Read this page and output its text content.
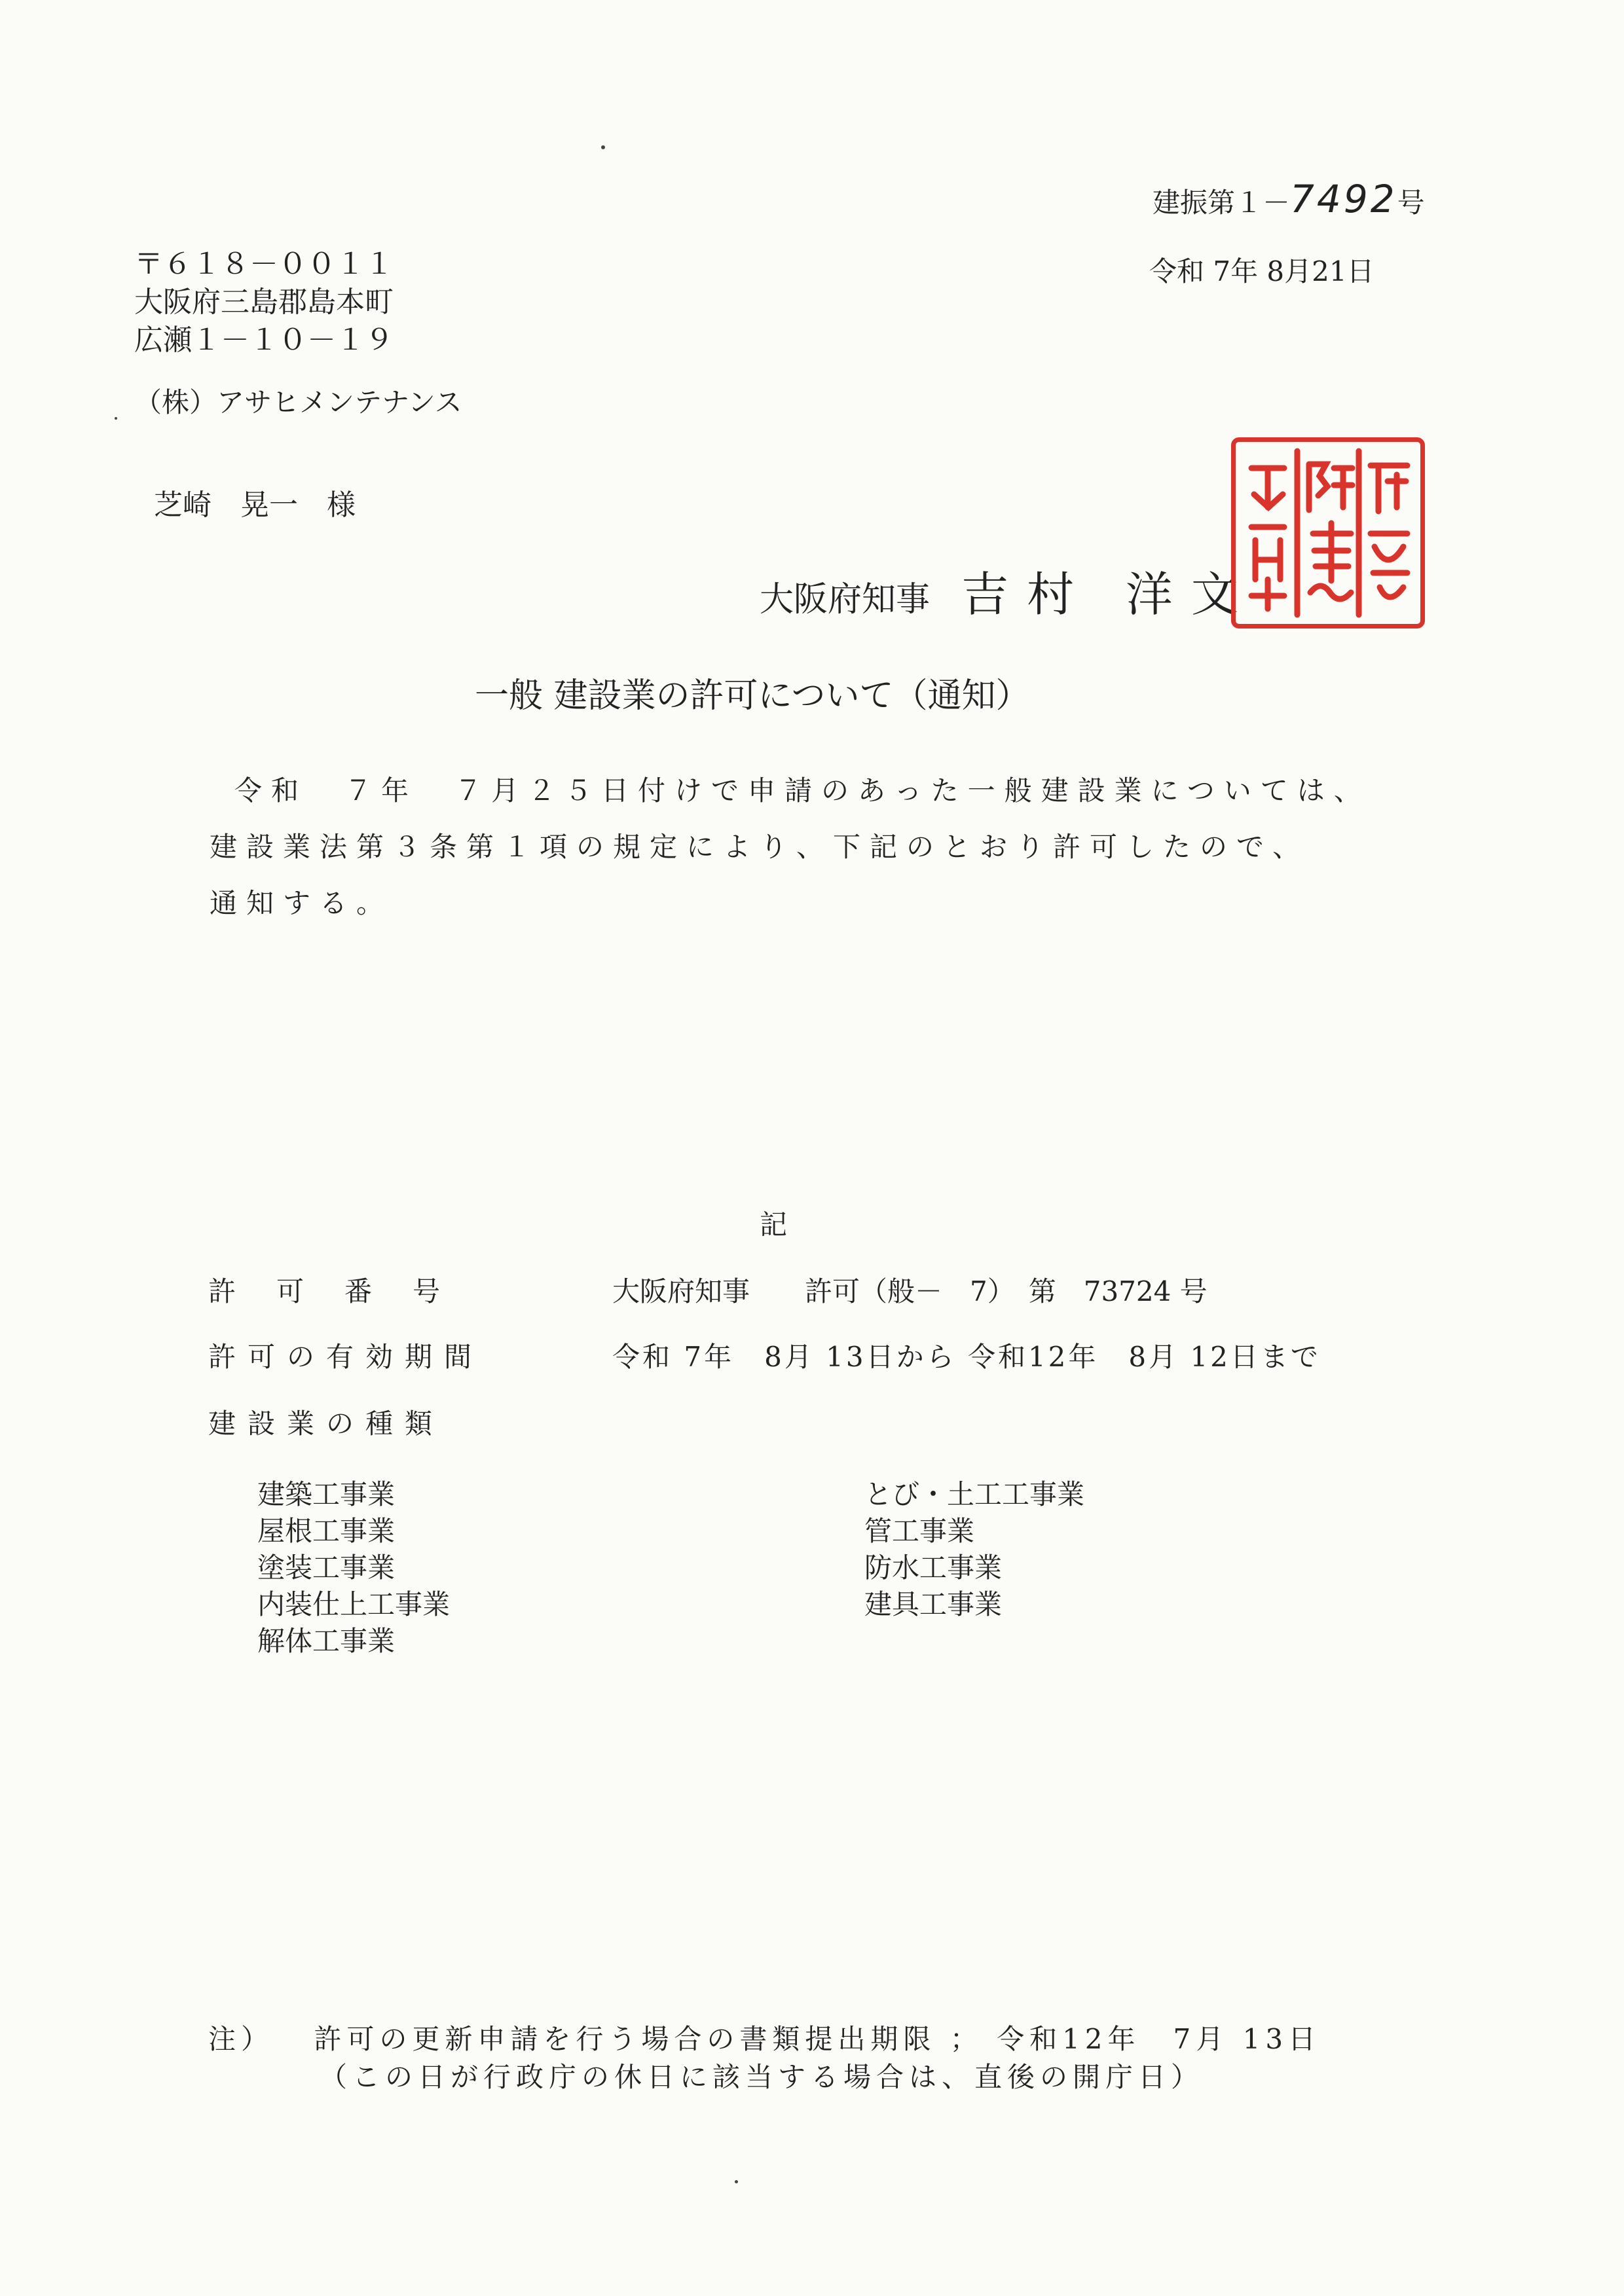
建振第１－7492号
令和 7年 8月21日
〒６１８－００１１
大阪府三島郡島本町
広瀬１－１０－１９
（株）アサヒメンテナンス
芝崎　晃一　様
大阪府知事 吉村 洋文
一般 建設業の許可について（通知）
令和　７年　７月２５日付けで申請のあった一般建設業については、
建設業法第３条第１項の規定により、下記のとおり許可したので、
通知する。
記
許可番号	大阪府知事　　許可（般－　7）　第　73724 号
許可の有効期間	令和 7年　8月 13日から 令和12年　8月 12日まで
建設業の種類
建築工事業
屋根工事業
塗装工事業
内装仕上工事業
解体工事業
とび・土工工事業
管工事業
防水工事業
建具工事業
注） 許可の更新申請を行う場合の書類提出期限 ； 令和12年　7月 13日
（この日が行政庁の休日に該当する場合は、直後の開庁日）
